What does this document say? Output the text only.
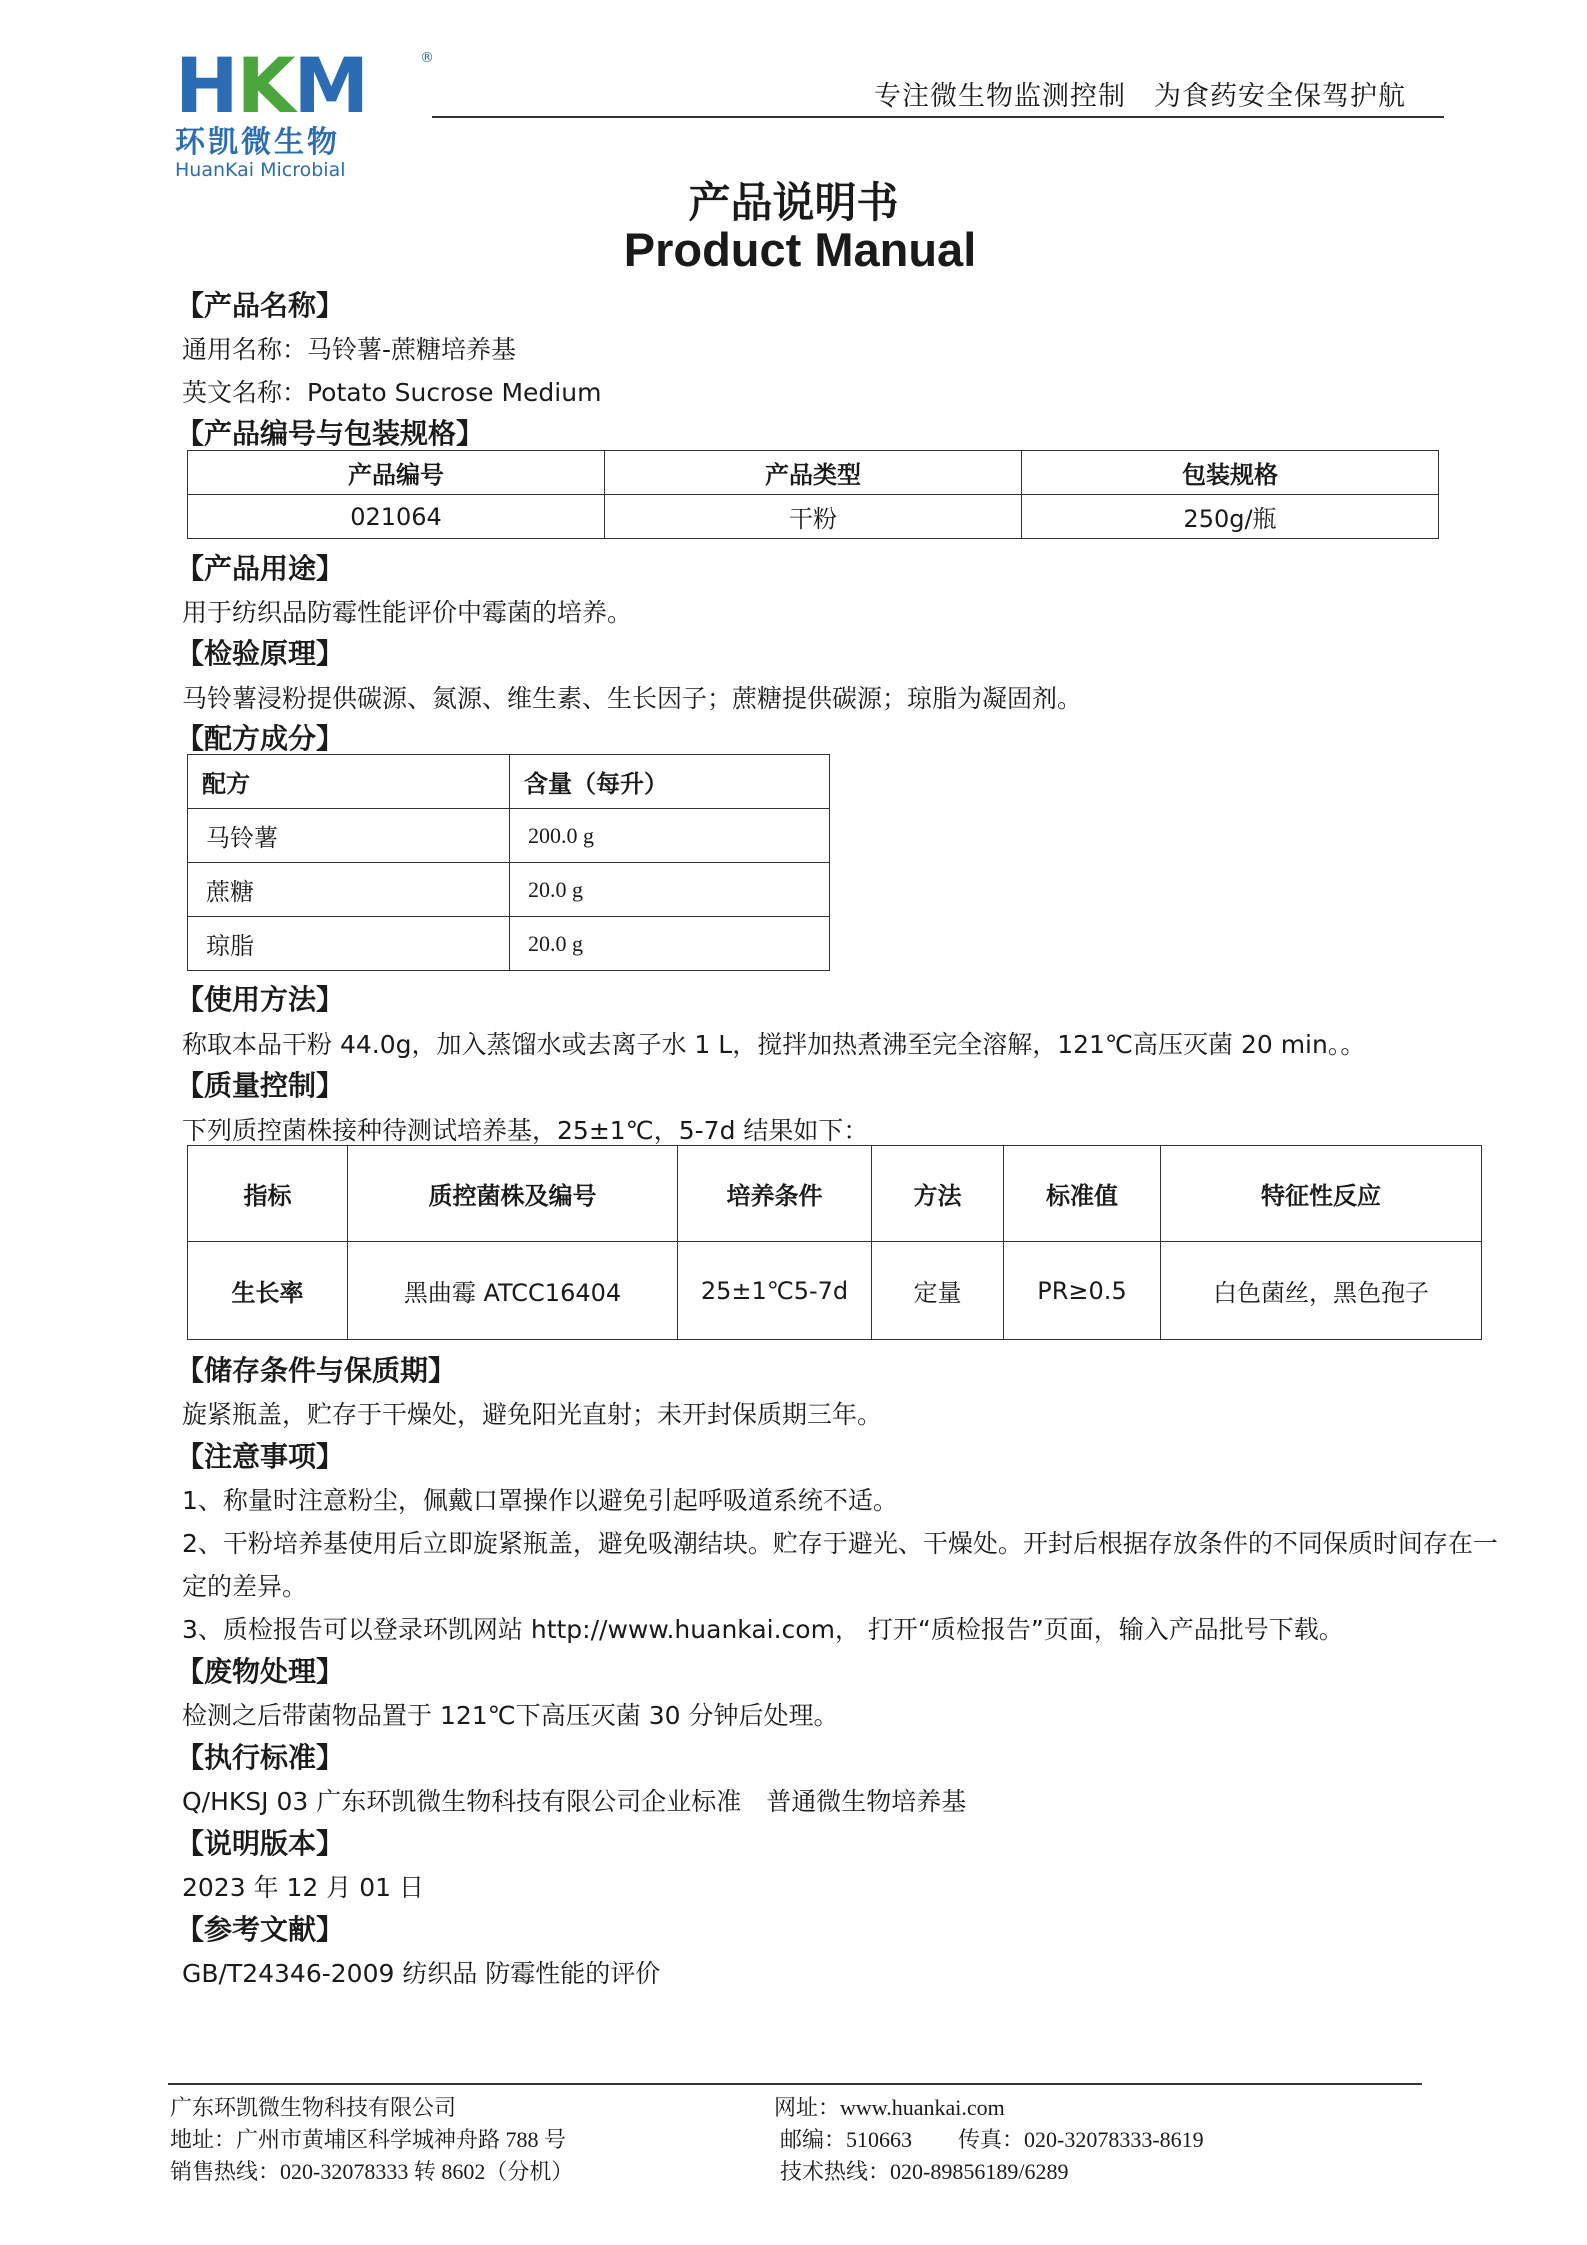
HKM	®
环凯微生物
HuanKai Microbial
专注微生物监测控制　为食药安全保驾护航
产品说明书
Product Manual
【产品名称】
通用名称：马铃薯-蔗糖培养基
英文名称：Potato Sucrose Medium
【产品编号与包装规格】
产品编号	产品类型	包装规格
021064	干粉	250g/瓶
【产品用途】
用于纺织品防霉性能评价中霉菌的培养。
【检验原理】
马铃薯浸粉提供碳源、氮源、维生素、生长因子；蔗糖提供碳源；琼脂为凝固剂。
【配方成分】
配方	含量（每升）
马铃薯	200.0 g
蔗糖	20.0 g
琼脂	20.0 g
【使用方法】
称取本品干粉 44.0g，加入蒸馏水或去离子水 1 L，搅拌加热煮沸至完全溶解，121℃高压灭菌 20 min。。
【质量控制】
下列质控菌株接种待测试培养基，25±1℃，5-7d 结果如下：
指标	质控菌株及编号	培养条件	方法	标准值	特征性反应
生长率	黑曲霉 ATCC16404	25±1℃5-7d	定量	PR≥0.5	白色菌丝，黑色孢子
【储存条件与保质期】
旋紧瓶盖，贮存于干燥处，避免阳光直射；未开封保质期三年。
【注意事项】
1、称量时注意粉尘，佩戴口罩操作以避免引起呼吸道系统不适。
2、干粉培养基使用后立即旋紧瓶盖，避免吸潮结块。贮存于避光、干燥处。开封后根据存放条件的不同保质时间存在一
定的差异。
3、质检报告可以登录环凯网站 http://www.huankai.com， 打开“质检报告”页面，输入产品批号下载。
【废物处理】
检测之后带菌物品置于 121℃下高压灭菌 30 分钟后处理。
【执行标准】
Q/HKSJ 03 广东环凯微生物科技有限公司企业标准　普通微生物培养基
【说明版本】
2023 年 12 月 01 日
【参考文献】
GB/T24346-2009 纺织品 防霉性能的评价
广东环凯微生物科技有限公司
地址：广州市黄埔区科学城神舟路 788 号
销售热线：020-32078333 转 8602（分机）
网址：www.huankai.com
邮编：510663 传真：020-32078333-8619
技术热线：020-89856189/6289
